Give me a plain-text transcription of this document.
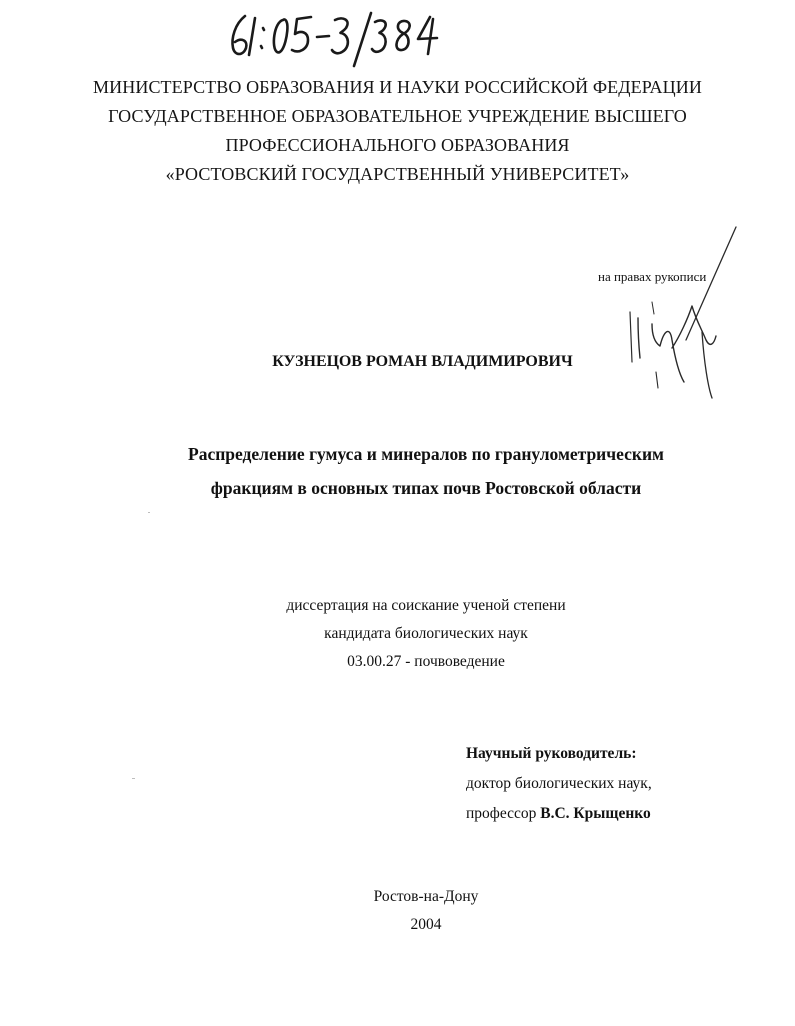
МИНИСТЕРСТВО ОБРАЗОВАНИЯ И НАУКИ РОССИЙСКОЙ ФЕДЕРАЦИИ
ГОСУДАРСТВЕННОЕ ОБРАЗОВАТЕЛЬНОЕ УЧРЕЖДЕНИЕ ВЫСШЕГО
ПРОФЕССИОНАЛЬНОГО ОБРАЗОВАНИЯ
«РОСТОВСКИЙ ГОСУДАРСТВЕННЫЙ УНИВЕРСИТЕТ»
на правах рукописи
КУЗНЕЦОВ РОМАН ВЛАДИМИРОВИЧ
Распределение гумуса и минералов по гранулометрическим
фракциям в основных типах почв Ростовской области
диссертация на соискание ученой степени
кандидата биологических наук
03.00.27 - почвоведение
Научный руководитель:
доктор биологических наук,
профессор В.С. Крыщенко
Ростов-на-Дону
2004
